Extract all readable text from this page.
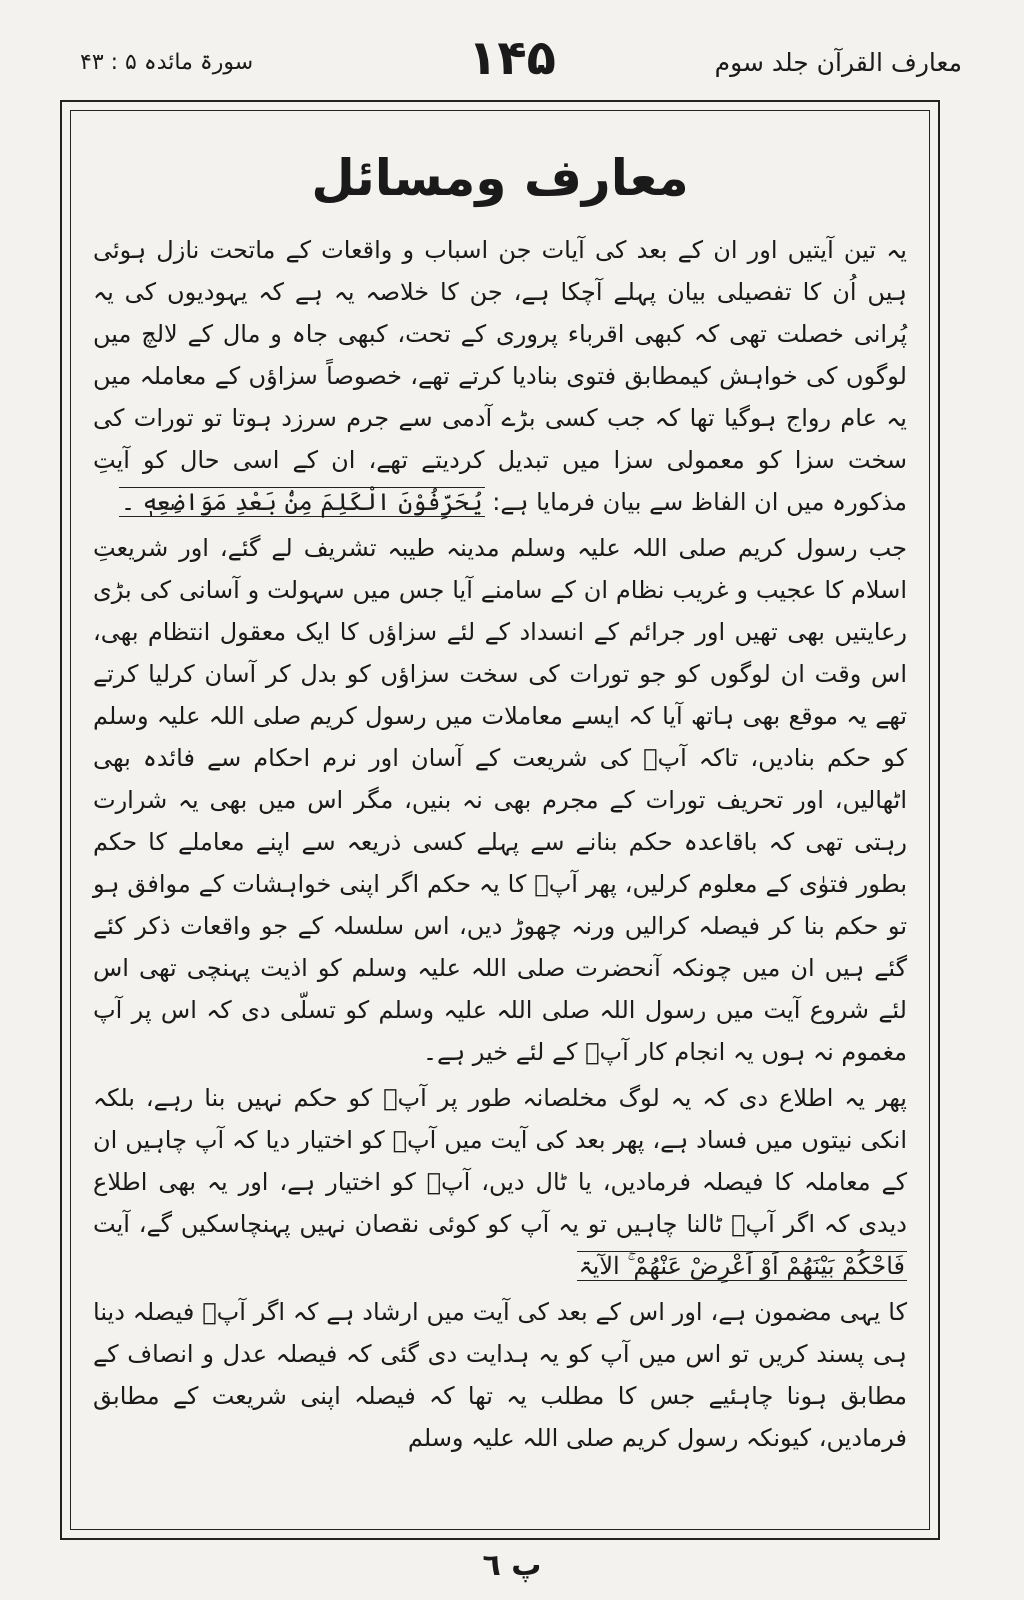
معارف القرآن جلد سوم
۱۴۵
سورۃ مائدہ ۵ : ۴۳
معارف ومسائل

یہ تین آیتیں اور ان کے بعد کی آیات جن اسباب و واقعات کے ماتحت نازل ہوئی ہیں اُن کا تفصیلی بیان پہلے آچکا ہے، جن کا خلاصہ یہ ہے کہ یہودیوں کی یہ پُرانی خصلت تھی کہ کبھی اقرباء پروری کے تحت، کبھی جاہ و مال کے لالچ میں لوگوں کی خواہش کیمطابق فتوی بنادیا کرتے تھے، خصوصاً سزاؤں کے معاملہ میں یہ عام رواج ہوگیا تھا کہ جب کسی بڑے آدمی سے جرم سرزد ہوتا تو تورات کی سخت سزا کو معمولی سزا میں تبدیل کردیتے تھے، ان کے اسی حال کو آیتِ مذکورہ میں ان الفاظ سے بیان فرمایا ہے: یُحَرِّفُوْنَ الْكَلِمَ مِنْۢ بَعْدِ مَوَاضِعِهٖ ۔

جب رسول کریم صلی اللہ علیہ وسلم مدینہ طیبہ تشریف لے گئے، اور شریعتِ اسلام کا عجیب و غریب نظام ان کے سامنے آیا جس میں سہولت و آسانی کی بڑی رعایتیں بھی تھیں اور جرائم کے انسداد کے لئے سزاؤں کا ایک معقول انتظام بھی، اس وقت ان لوگوں کو جو تورات کی سخت سزاؤں کو بدل کر آسان کرلیا کرتے تھے یہ موقع بھی ہاتھ آیا کہ ایسے معاملات میں رسول کریم صلی اللہ علیہ وسلم کو حکم بنادیں، تاکہ آپؐ کی شریعت کے آسان اور نرم احکام سے فائدہ بھی اٹھالیں، اور تحریف تورات کے مجرم بھی نہ بنیں، مگر اس میں بھی یہ شرارت رہتی تھی کہ باقاعدہ حکم بنانے سے پہلے کسی ذریعہ سے اپنے معاملے کا حکم بطور فتوٰی کے معلوم کرلیں، پھر آپؐ کا یہ حکم اگر اپنی خواہشات کے موافق ہو تو حکم بنا کر فیصلہ کرالیں ورنہ چھوڑ دیں، اس سلسلہ کے جو واقعات ذکر کئے گئے ہیں ان میں چونکہ آنحضرت صلی اللہ علیہ وسلم کو اذیت پہنچی تھی اس لئے شروع آیت میں رسول اللہ صلی اللہ علیہ وسلم کو تسلّی دی کہ اس پر آپ مغموم نہ ہوں یہ انجام کار آپؐ کے لئے خیر ہے۔

پھر یہ اطلاع دی کہ یہ لوگ مخلصانہ طور پر آپؐ کو حکم نہیں بنا رہے، بلکہ انکی نیتوں میں فساد ہے، پھر بعد کی آیت میں آپؐ کو اختیار دیا کہ آپ چاہیں ان کے معاملہ کا فیصلہ فرمادیں، یا ٹال دیں، آپؐ کو اختیار ہے، اور یہ بھی اطلاع دیدی کہ اگر آپؐ ٹالنا چاہیں تو یہ آپ کو کوئی نقصان نہیں پہنچاسکیں گے، آیت فَاحْكُمْ بَيْنَهُمْ اَوْ اَعْرِضْ عَنْهُمْ ۚ الآیۃ

کا یہی مضمون ہے، اور اس کے بعد کی آیت میں ارشاد ہے کہ اگر آپؐ فیصلہ دینا ہی پسند کریں تو اس میں آپ کو یہ ہدایت دی گئی کہ فیصلہ عدل و انصاف کے مطابق ہونا چاہئیے جس کا مطلب یہ تھا کہ فیصلہ اپنی شریعت کے مطابق فرمادیں، کیونکہ رسول کریم صلی اللہ علیہ وسلم

پ ٦
